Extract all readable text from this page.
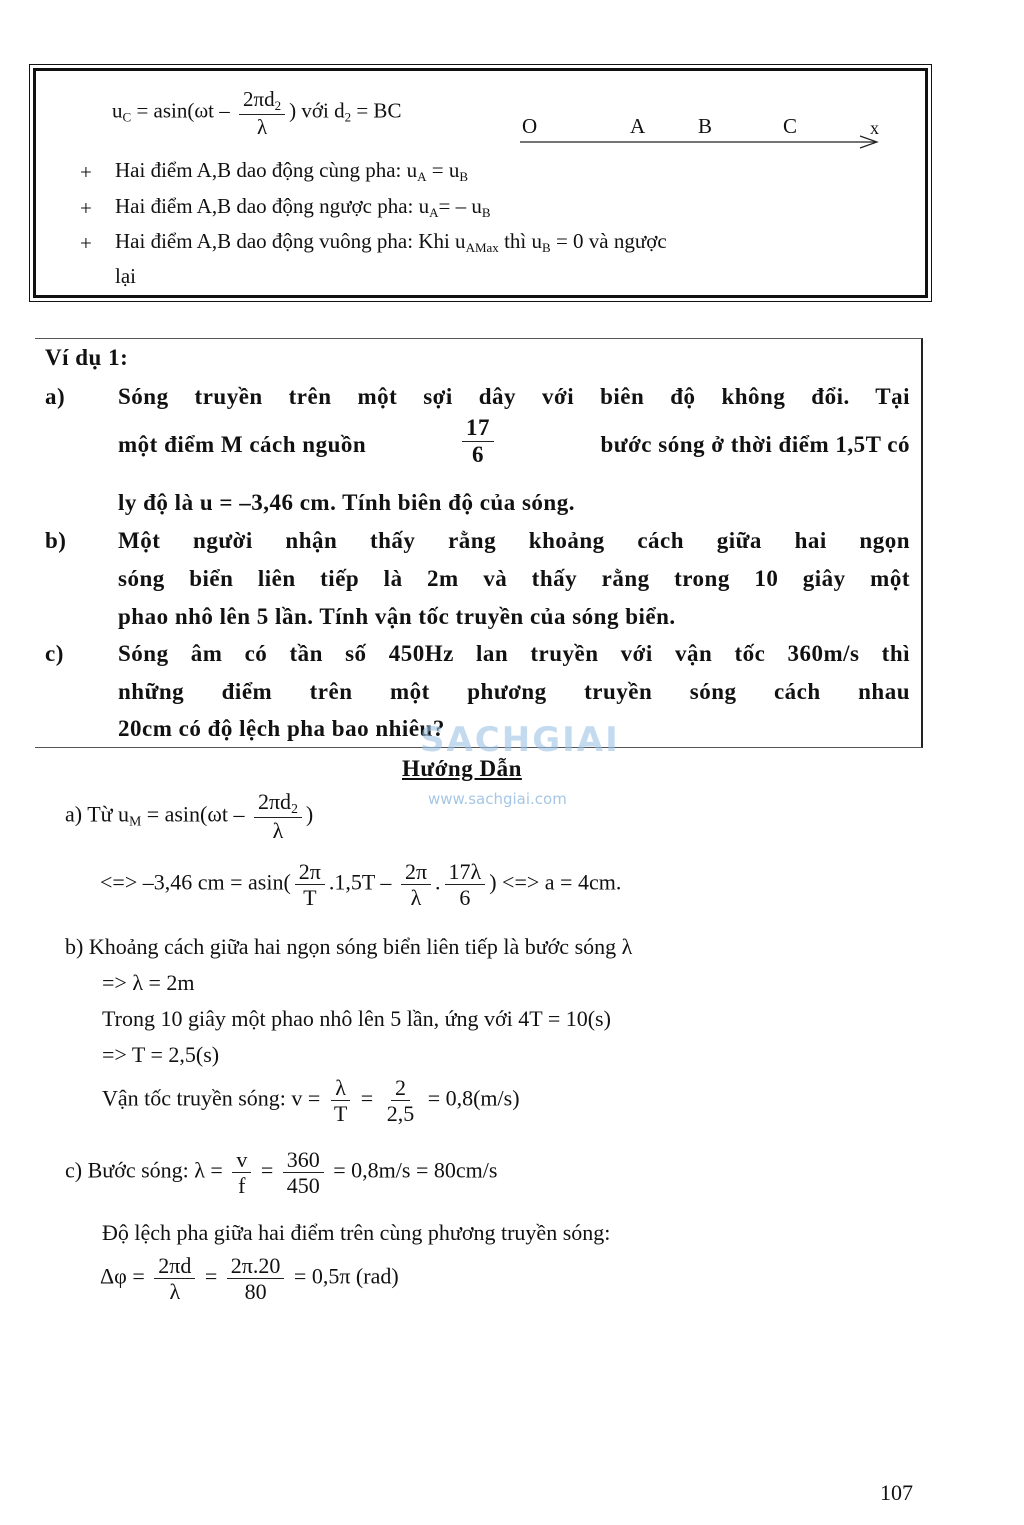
$u_C = asin(\omega t - \frac{2\pi d_2}{\lambda}$ ) với $d_2$ = BC
O	A	B	C	x
+ Hai điểm A,B dao động cùng pha: $u_A = u_B$
+ Hai điểm A,B dao động ngược pha: $u_A= - u_B$
+ Hai điểm A,B dao động vuông pha: Khi $u_{AMax}$ thì $u_B = 0$ và ngược
lại
Ví dụ 1:
a) Sóng truyền trên một sợi dây với biên độ không đổi. Tại
một điểm M cách nguồn	$\frac{17}{6}$	bước sóng ở thời điểm 1,5T có
ly độ là u = –3,46 cm. Tính biên độ của sóng.
b) Một người nhận thấy rằng khoảng cách giữa hai ngọn
sóng biển liên tiếp là 2m và thấy rằng trong 10 giây một
phao nhô lên 5 lần. Tính vận tốc truyền của sóng biển.
c) Sóng âm có tần số 450Hz lan truyền với vận tốc 360m/s thì
những điểm trên một phương truyền sóng cách nhau
20cm có độ lệch pha bao nhiêu?
SACHGIAI
www.sachgiai.com
Hướng Dẫn
a) Từ $u_M = asin(\omega t - \frac{2\pi d_2}{\lambda}$ )
<=> –3,46 cm = $asin( \frac{2\pi}{T} .1,5T - \frac{2\pi}{\lambda}$ . $\frac{17\lambda}{6}$ ) <=> a = 4cm.
b) Khoảng cách giữa hai ngọn sóng biển liên tiếp là bước sóng λ
=> λ = 2m
Trong 10 giây một phao nhô lên 5 lần, ứng với 4T = 10(s)
=> T = 2,5(s)
Vận tốc truyền sóng: $v = \frac{\lambda}{T} = \frac{2}{2,5} = 0,8(m/s)$
c) Bước sóng: $\lambda = \frac{v}{f} = \frac{360}{450} = 0,8m/s = 80cm/s$
Độ lệch pha giữa hai điểm trên cùng phương truyền sóng:
$\Delta\varphi = \frac{2\pi d}{\lambda} = \frac{2\pi.20}{80} = 0,5\pi$ (rad)
107
